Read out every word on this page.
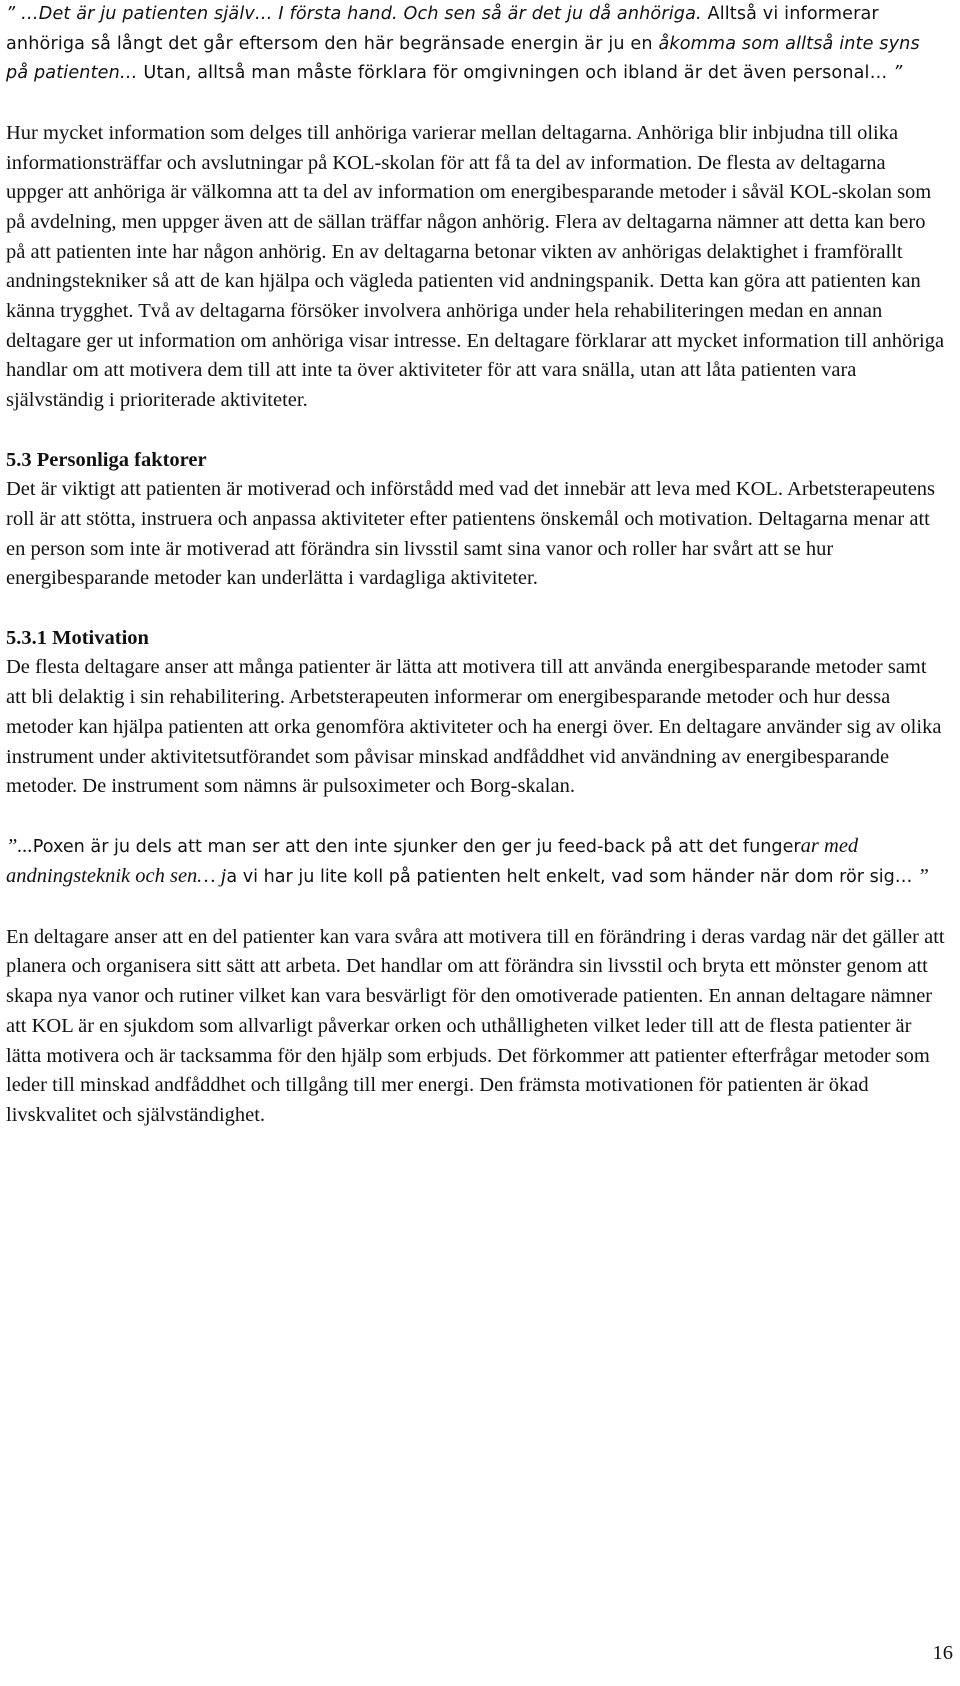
” …Det är ju patienten själv… I första hand. Och sen så är det ju då anhöriga. Alltså vi informerar anhöriga så långt det går eftersom den här begränsade energin är ju en åkomma som alltså inte syns på patienten… Utan, alltså man måste förklara för omgivningen och ibland är det även personal… ”

Hur mycket information som delges till anhöriga varierar mellan deltagarna. Anhöriga blir inbjudna till olika informationsträffar och avslutningar på KOL-skolan för att få ta del av information. De flesta av deltagarna uppger att anhöriga är välkomna att ta del av information om energibesparande metoder i såväl KOL-skolan som på avdelning, men uppger även att de sällan träffar någon anhörig. Flera av deltagarna nämner att detta kan bero på att patienten inte har någon anhörig. En av deltagarna betonar vikten av anhörigas delaktighet i framförallt andningstekniker så att de kan hjälpa och vägleda patienten vid andningspanik. Detta kan göra att patienten kan känna trygghet. Två av deltagarna försöker involvera anhöriga under hela rehabiliteringen medan en annan deltagare ger ut information om anhöriga visar intresse. En deltagare förklarar att mycket information till anhöriga handlar om att motivera dem till att inte ta över aktiviteter för att vara snälla, utan att låta patienten vara självständig i prioriterade aktiviteter.

5.3 Personliga faktorer

Det är viktigt att patienten är motiverad och införstådd med vad det innebär att leva med KOL. Arbetsterapeutens roll är att stötta, instruera och anpassa aktiviteter efter patientens önskemål och motivation. Deltagarna menar att en person som inte är motiverad att förändra sin livsstil samt sina vanor och roller har svårt att se hur energibesparande metoder kan underlätta i vardagliga aktiviteter.

5.3.1 Motivation

De flesta deltagare anser att många patienter är lätta att motivera till att använda energibesparande metoder samt att bli delaktig i sin rehabilitering. Arbetsterapeuten informerar om energibesparande metoder och hur dessa metoder kan hjälpa patienten att orka genomföra aktiviteter och ha energi över. En deltagare använder sig av olika instrument under aktivitetsutförandet som påvisar minskad andfåddhet vid användning av energibesparande metoder. De instrument som nämns är pulsoximeter och Borg-skalan.

”...Poxen är ju dels att man ser att den inte sjunker den ger ju feed-back på att det fungerar med andningsteknik och sen… ja vi har ju lite koll på patienten helt enkelt, vad som händer när dom rör sig… ”

En deltagare anser att en del patienter kan vara svåra att motivera till en förändring i deras vardag när det gäller att planera och organisera sitt sätt att arbeta. Det handlar om att förändra sin livsstil och bryta ett mönster genom att skapa nya vanor och rutiner vilket kan vara besvärligt för den omotiverade patienten. En annan deltagare nämner att KOL är en sjukdom som allvarligt påverkar orken och uthålligheten vilket leder till att de flesta patienter är lätta motivera och är tacksamma för den hjälp som erbjuds. Det förkommer att patienter efterfrågar metoder som leder till minskad andfåddhet och tillgång till mer energi. Den främsta motivationen för patienten är ökad livskvalitet och självständighet.

16
